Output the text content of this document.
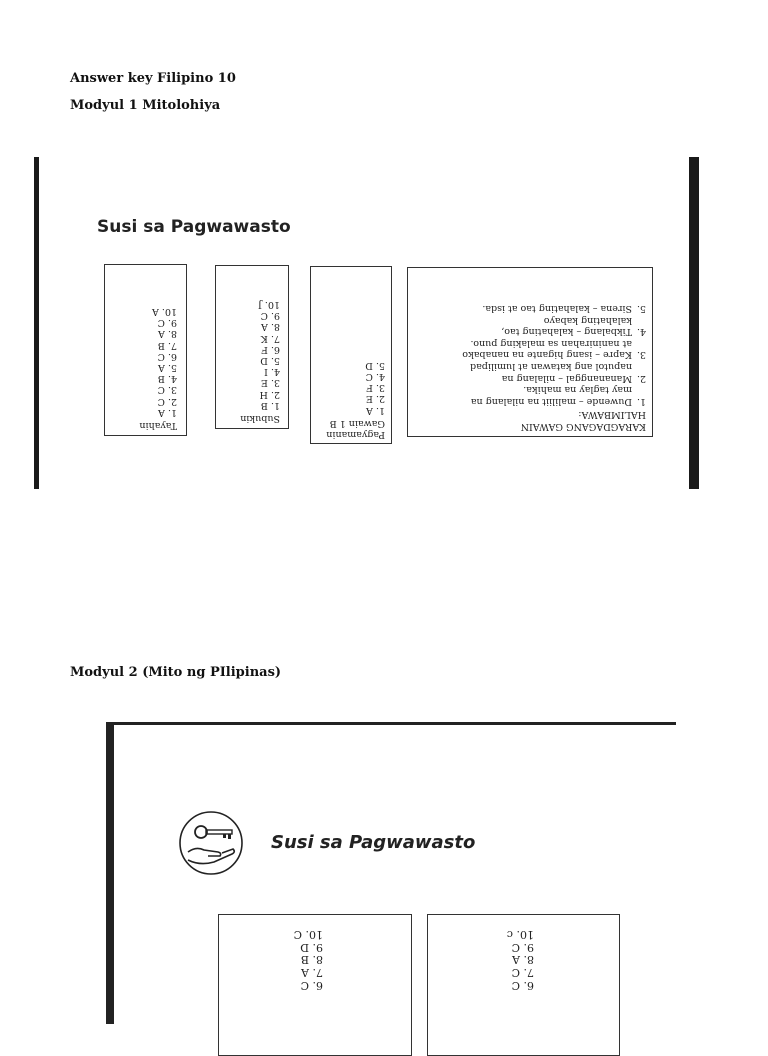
Answer key Filipino 10
Modyul 1 Mitolohiya
Susi sa Pagwawasto
Tayahin
1. A
2. C
3. C
4. B
5. A
6. C
7. B
8. A
9. C
10. A
Subukin
1. B
2. H
3. E
4. I
5. D
6. F
7. K
8. A
9. C
10. J
Pagyamanin
Gawain 1 B
1. A
2. E
3. F
4. C
5. D
KARAGDAGANG GAWAIN
HALIMBAWA:
1.
Duwende – maliliit na nilalang na
may taglay na mahika.
2.
Manananggal – nilalang na
naputol ang katawan at lumilipad
3.
Kapre – isang higante na nanabako
at naninirahan sa malaking puno.
4.
Tikbalang – kalahating tao,
kalahating kabayo
5.
Sirena – kalahating tao at isda.
Modyul 2 (Mito ng PIlipinas)
Susi sa Pagwawasto
6. C
7. A
8. B
9. D
10. C
6. C
7. C
8. A
9. C
10. c
